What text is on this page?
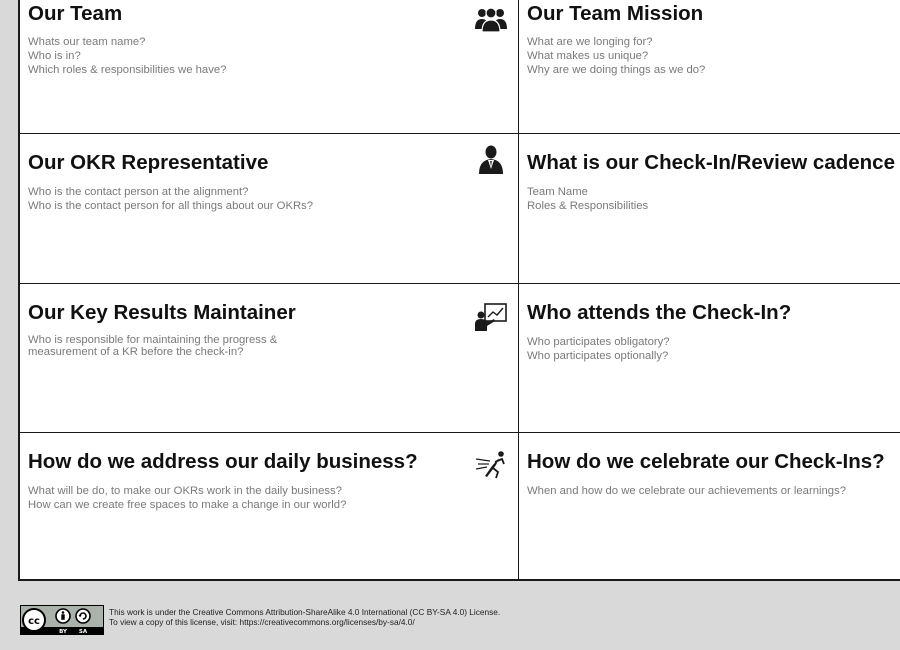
Our Team
Whats our team name?
Who is in?
Which roles & responsibilities we have?
Our Team Mission
What are we longing for?
What makes us unique?
Why are we doing things as we do?
Our OKR Representative
Who is the contact person at the alignment?
Who is the contact person for all things about our OKRs?
What is our Check-In/Review cadence
Team Name
Roles & Responsibilities
Our Key Results Maintainer
Who is responsible for maintaining the progress & measurement of a KR before the check-in?
Who attends the Check-In?
Who participates obligatory?
Who participates optionally?
How do we address our daily business?
What will be do, to make our OKRs work in the daily business?
How can we create free spaces to make a change in our world?
How do we celebrate our Check-Ins?
When and how do we celebrate our achievements or learnings?
cc
BY SA
This work is under the Creative Commons Attribution-ShareAlike 4.0 International (CC BY-SA 4.0) License.
To view a copy of this license, visit: https://creativecommons.org/licenses/by-sa/4.0/
